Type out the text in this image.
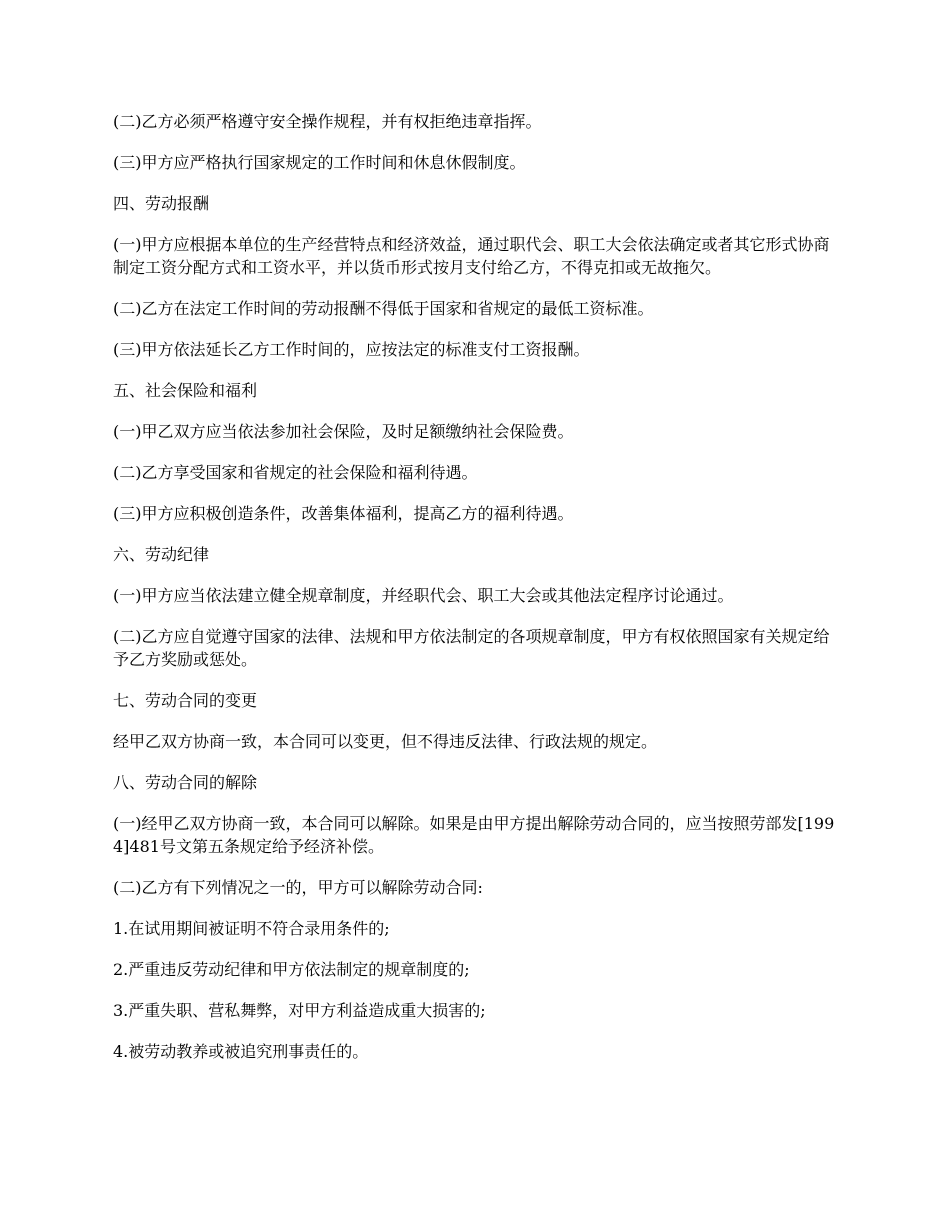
(二)乙方必须严格遵守安全操作规程，并有权拒绝违章指挥。

(三)甲方应严格执行国家规定的工作时间和休息休假制度。

四、劳动报酬

(一)甲方应根据本单位的生产经营特点和经济效益，通过职代会、职工大会依法确定或者其它形式协商制定工资分配方式和工资水平，并以货币形式按月支付给乙方，不得克扣或无故拖欠。

(二)乙方在法定工作时间的劳动报酬不得低于国家和省规定的最低工资标准。

(三)甲方依法延长乙方工作时间的，应按法定的标准支付工资报酬。

五、社会保险和福利

(一)甲乙双方应当依法参加社会保险，及时足额缴纳社会保险费。

(二)乙方享受国家和省规定的社会保险和福利待遇。

(三)甲方应积极创造条件，改善集体福利，提高乙方的福利待遇。

六、劳动纪律

(一)甲方应当依法建立健全规章制度，并经职代会、职工大会或其他法定程序讨论通过。

(二)乙方应自觉遵守国家的法律、法规和甲方依法制定的各项规章制度，甲方有权依照国家有关规定给予乙方奖励或惩处。

七、劳动合同的变更

经甲乙双方协商一致，本合同可以变更，但不得违反法律、行政法规的规定。

八、劳动合同的解除

(一)经甲乙双方协商一致，本合同可以解除。如果是由甲方提出解除劳动合同的，应当按照劳部发[1994]481号文第五条规定给予经济补偿。

(二)乙方有下列情况之一的，甲方可以解除劳动合同:

1.在试用期间被证明不符合录用条件的;

2.严重违反劳动纪律和甲方依法制定的规章制度的;

3.严重失职、营私舞弊，对甲方利益造成重大损害的;

4.被劳动教养或被追究刑事责任的。
